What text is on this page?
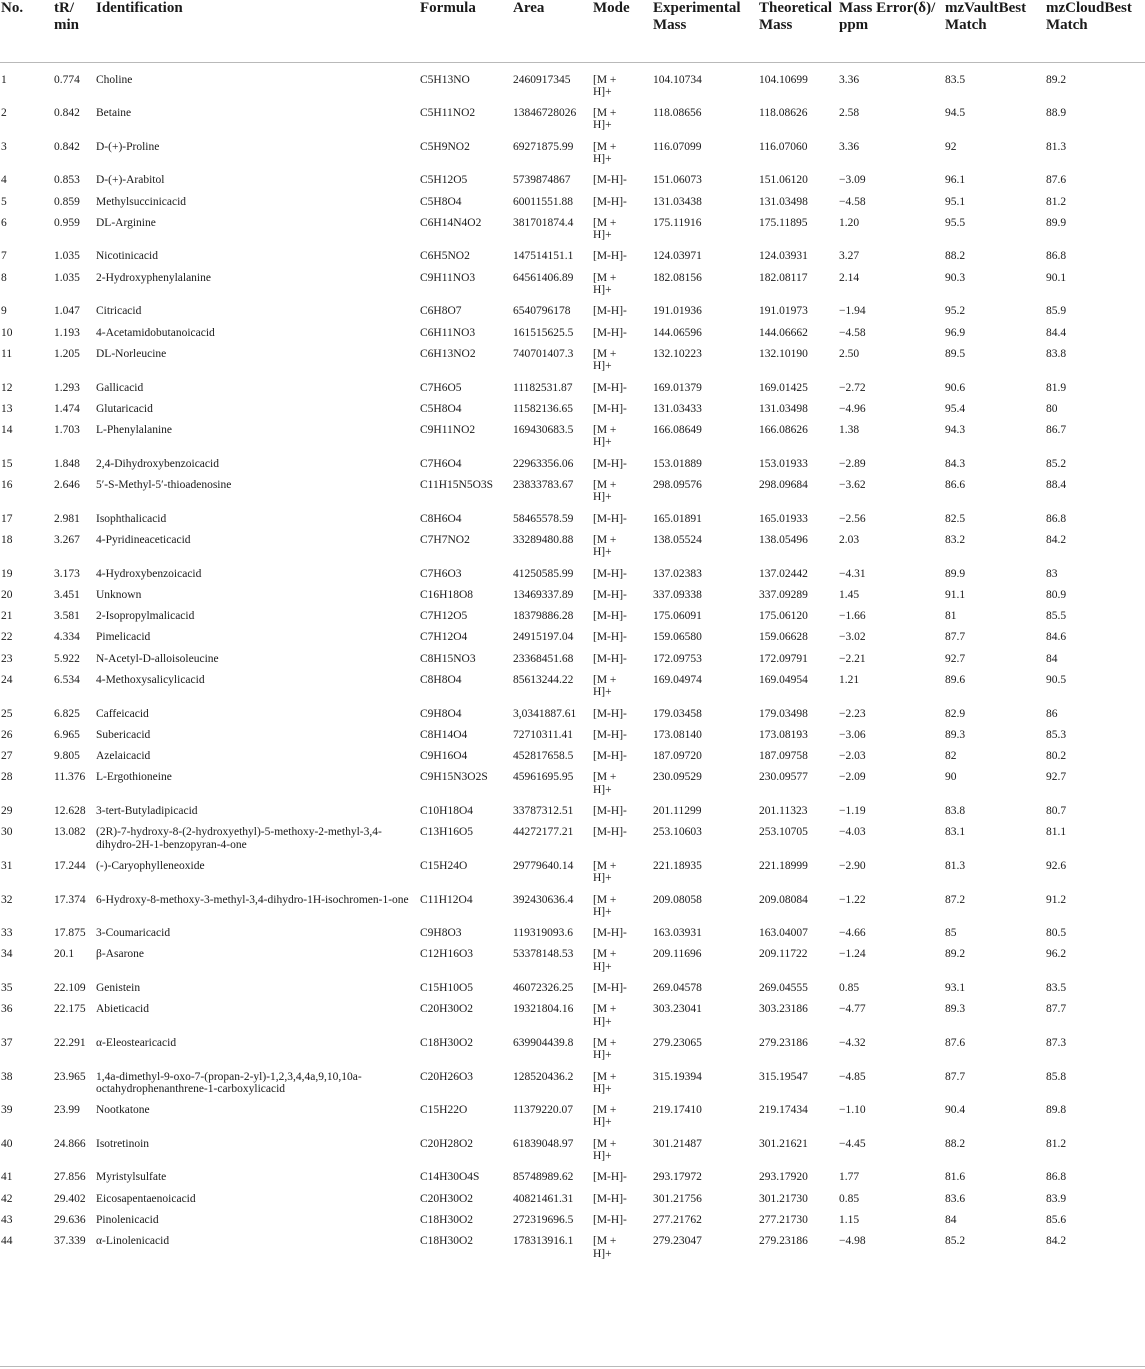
No.	tR/ min	Identification	Formula	Area	Mode	Experimental Mass	Theoretical Mass	Mass Error(δ)/ ppm	mzVaultBest Match	mzCloudBest Match
1	0.774	Choline	C5H13NO	2460917345	[M + H]+	104.10734	104.10699	3.36	83.5	89.2
2	0.842	Betaine	C5H11NO2	13846728026	[M + H]+	118.08656	118.08626	2.58	94.5	88.9
3	0.842	D-(+)-Proline	C5H9NO2	69271875.99	[M + H]+	116.07099	116.07060	3.36	92	81.3
4	0.853	D-(+)-Arabitol	C5H12O5	5739874867	[M-H]-	151.06073	151.06120	−3.09	96.1	87.6
5	0.859	Methylsuccinicacid	C5H8O4	60011551.88	[M-H]-	131.03438	131.03498	−4.58	95.1	81.2
6	0.959	DL-Arginine	C6H14N4O2	381701874.4	[M + H]+	175.11916	175.11895	1.20	95.5	89.9
7	1.035	Nicotinicacid	C6H5NO2	147514151.1	[M-H]-	124.03971	124.03931	3.27	88.2	86.8
8	1.035	2-Hydroxyphenylalanine	C9H11NO3	64561406.89	[M + H]+	182.08156	182.08117	2.14	90.3	90.1
9	1.047	Citricacid	C6H8O7	6540796178	[M-H]-	191.01936	191.01973	−1.94	95.2	85.9
10	1.193	4-Acetamidobutanoicacid	C6H11NO3	161515625.5	[M-H]-	144.06596	144.06662	−4.58	96.9	84.4
11	1.205	DL-Norleucine	C6H13NO2	740701407.3	[M + H]+	132.10223	132.10190	2.50	89.5	83.8
12	1.293	Gallicacid	C7H6O5	11182531.87	[M-H]-	169.01379	169.01425	−2.72	90.6	81.9
13	1.474	Glutaricacid	C5H8O4	11582136.65	[M-H]-	131.03433	131.03498	−4.96	95.4	80
14	1.703	L-Phenylalanine	C9H11NO2	169430683.5	[M + H]+	166.08649	166.08626	1.38	94.3	86.7
15	1.848	2,4-Dihydroxybenzoicacid	C7H6O4	22963356.06	[M-H]-	153.01889	153.01933	−2.89	84.3	85.2
16	2.646	5′-S-Methyl-5′-thioadenosine	C11H15N5O3S	23833783.67	[M + H]+	298.09576	298.09684	−3.62	86.6	88.4
17	2.981	Isophthalicacid	C8H6O4	58465578.59	[M-H]-	165.01891	165.01933	−2.56	82.5	86.8
18	3.267	4-Pyridineaceticacid	C7H7NO2	33289480.88	[M + H]+	138.05524	138.05496	2.03	83.2	84.2
19	3.173	4-Hydroxybenzoicacid	C7H6O3	41250585.99	[M-H]-	137.02383	137.02442	−4.31	89.9	83
20	3.451	Unknown	C16H18O8	13469337.89	[M-H]-	337.09338	337.09289	1.45	91.1	80.9
21	3.581	2-Isopropylmalicacid	C7H12O5	18379886.28	[M-H]-	175.06091	175.06120	−1.66	81	85.5
22	4.334	Pimelicacid	C7H12O4	24915197.04	[M-H]-	159.06580	159.06628	−3.02	87.7	84.6
23	5.922	N-Acetyl-D-alloisoleucine	C8H15NO3	23368451.68	[M-H]-	172.09753	172.09791	−2.21	92.7	84
24	6.534	4-Methoxysalicylicacid	C8H8O4	85613244.22	[M + H]+	169.04974	169.04954	1.21	89.6	90.5
25	6.825	Caffeicacid	C9H8O4	3,0341887.61	[M-H]-	179.03458	179.03498	−2.23	82.9	86
26	6.965	Subericacid	C8H14O4	72710311.41	[M-H]-	173.08140	173.08193	−3.06	89.3	85.3
27	9.805	Azelaicacid	C9H16O4	452817658.5	[M-H]-	187.09720	187.09758	−2.03	82	80.2
28	11.376	L-Ergothioneine	C9H15N3O2S	45961695.95	[M + H]+	230.09529	230.09577	−2.09	90	92.7
29	12.628	3-tert-Butyladipicacid	C10H18O4	33787312.51	[M-H]-	201.11299	201.11323	−1.19	83.8	80.7
30	13.082	(2R)-7-hydroxy-8-(2-hydroxyethyl)-5-methoxy-2-methyl-3,4-dihydro-2H-1-benzopyran-4-one	C13H16O5	44272177.21	[M-H]-	253.10603	253.10705	−4.03	83.1	81.1
31	17.244	(-)-Caryophylleneoxide	C15H24O	29779640.14	[M + H]+	221.18935	221.18999	−2.90	81.3	92.6
32	17.374	6-Hydroxy-8-methoxy-3-methyl-3,4-dihydro-1H-isochromen-1-one	C11H12O4	392430636.4	[M + H]+	209.08058	209.08084	−1.22	87.2	91.2
33	17.875	3-Coumaricacid	C9H8O3	119319093.6	[M-H]-	163.03931	163.04007	−4.66	85	80.5
34	20.1	β-Asarone	C12H16O3	53378148.53	[M + H]+	209.11696	209.11722	−1.24	89.2	96.2
35	22.109	Genistein	C15H10O5	46072326.25	[M-H]-	269.04578	269.04555	0.85	93.1	83.5
36	22.175	Abieticacid	C20H30O2	19321804.16	[M + H]+	303.23041	303.23186	−4.77	89.3	87.7
37	22.291	α-Eleostearicacid	C18H30O2	639904439.8	[M + H]+	279.23065	279.23186	−4.32	87.6	87.3
38	23.965	1,4a-dimethyl-9-oxo-7-(propan-2-yl)-1,2,3,4,4a,9,10,10a-octahydrophenanthrene-1-carboxylicacid	C20H26O3	128520436.2	[M + H]+	315.19394	315.19547	−4.85	87.7	85.8
39	23.99	Nootkatone	C15H22O	11379220.07	[M + H]+	219.17410	219.17434	−1.10	90.4	89.8
40	24.866	Isotretinoin	C20H28O2	61839048.97	[M + H]+	301.21487	301.21621	−4.45	88.2	81.2
41	27.856	Myristylsulfate	C14H30O4S	85748989.62	[M-H]-	293.17972	293.17920	1.77	81.6	86.8
42	29.402	Eicosapentaenoicacid	C20H30O2	40821461.31	[M-H]-	301.21756	301.21730	0.85	83.6	83.9
43	29.636	Pinolenicacid	C18H30O2	272319696.5	[M-H]-	277.21762	277.21730	1.15	84	85.6
44	37.339	α-Linolenicacid	C18H30O2	178313916.1	[M + H]+	279.23047	279.23186	−4.98	85.2	84.2
